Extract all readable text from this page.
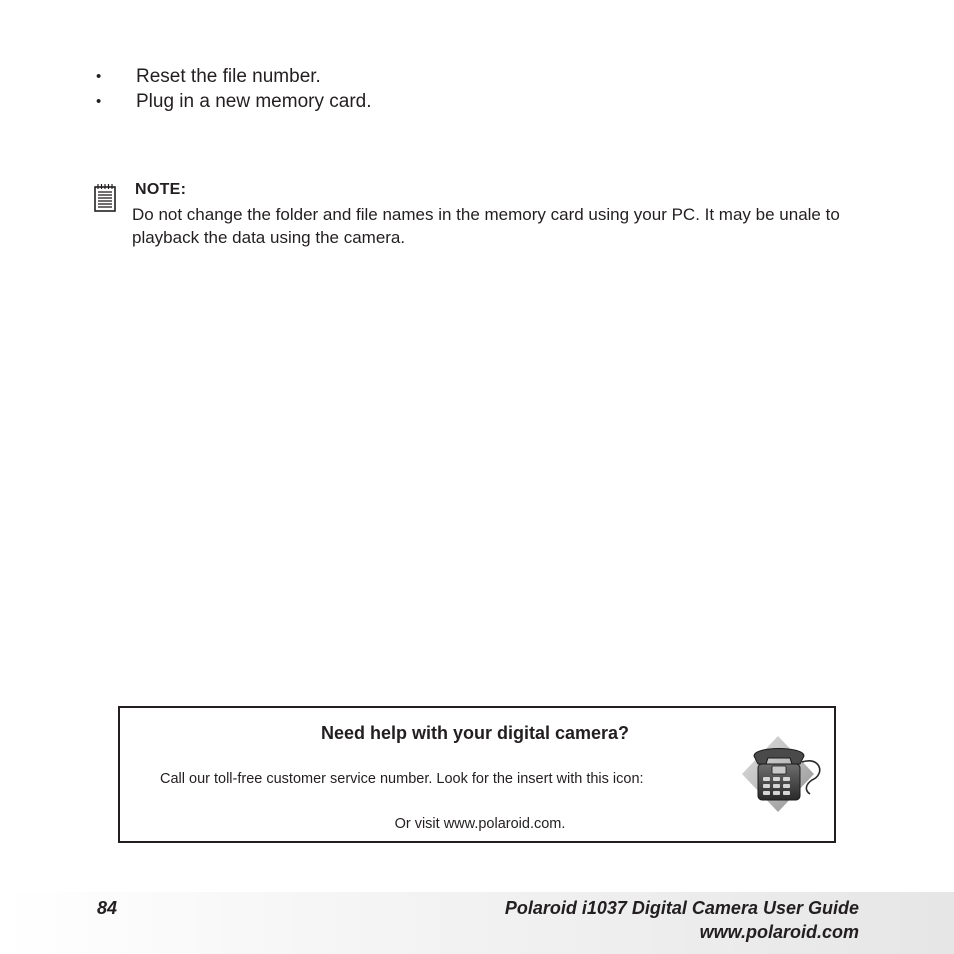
• Reset the file number.
• Plug in a new memory card.
NOTE:
Do not change the folder and file names in the memory card using your PC. It may be unale to playback the data using the camera.
Need help with your digital camera?
Call our toll-free customer service number. Look for the insert with this icon:
Or visit www.polaroid.com.
84	Polaroid i1037 Digital Camera User Guide
www.polaroid.com
